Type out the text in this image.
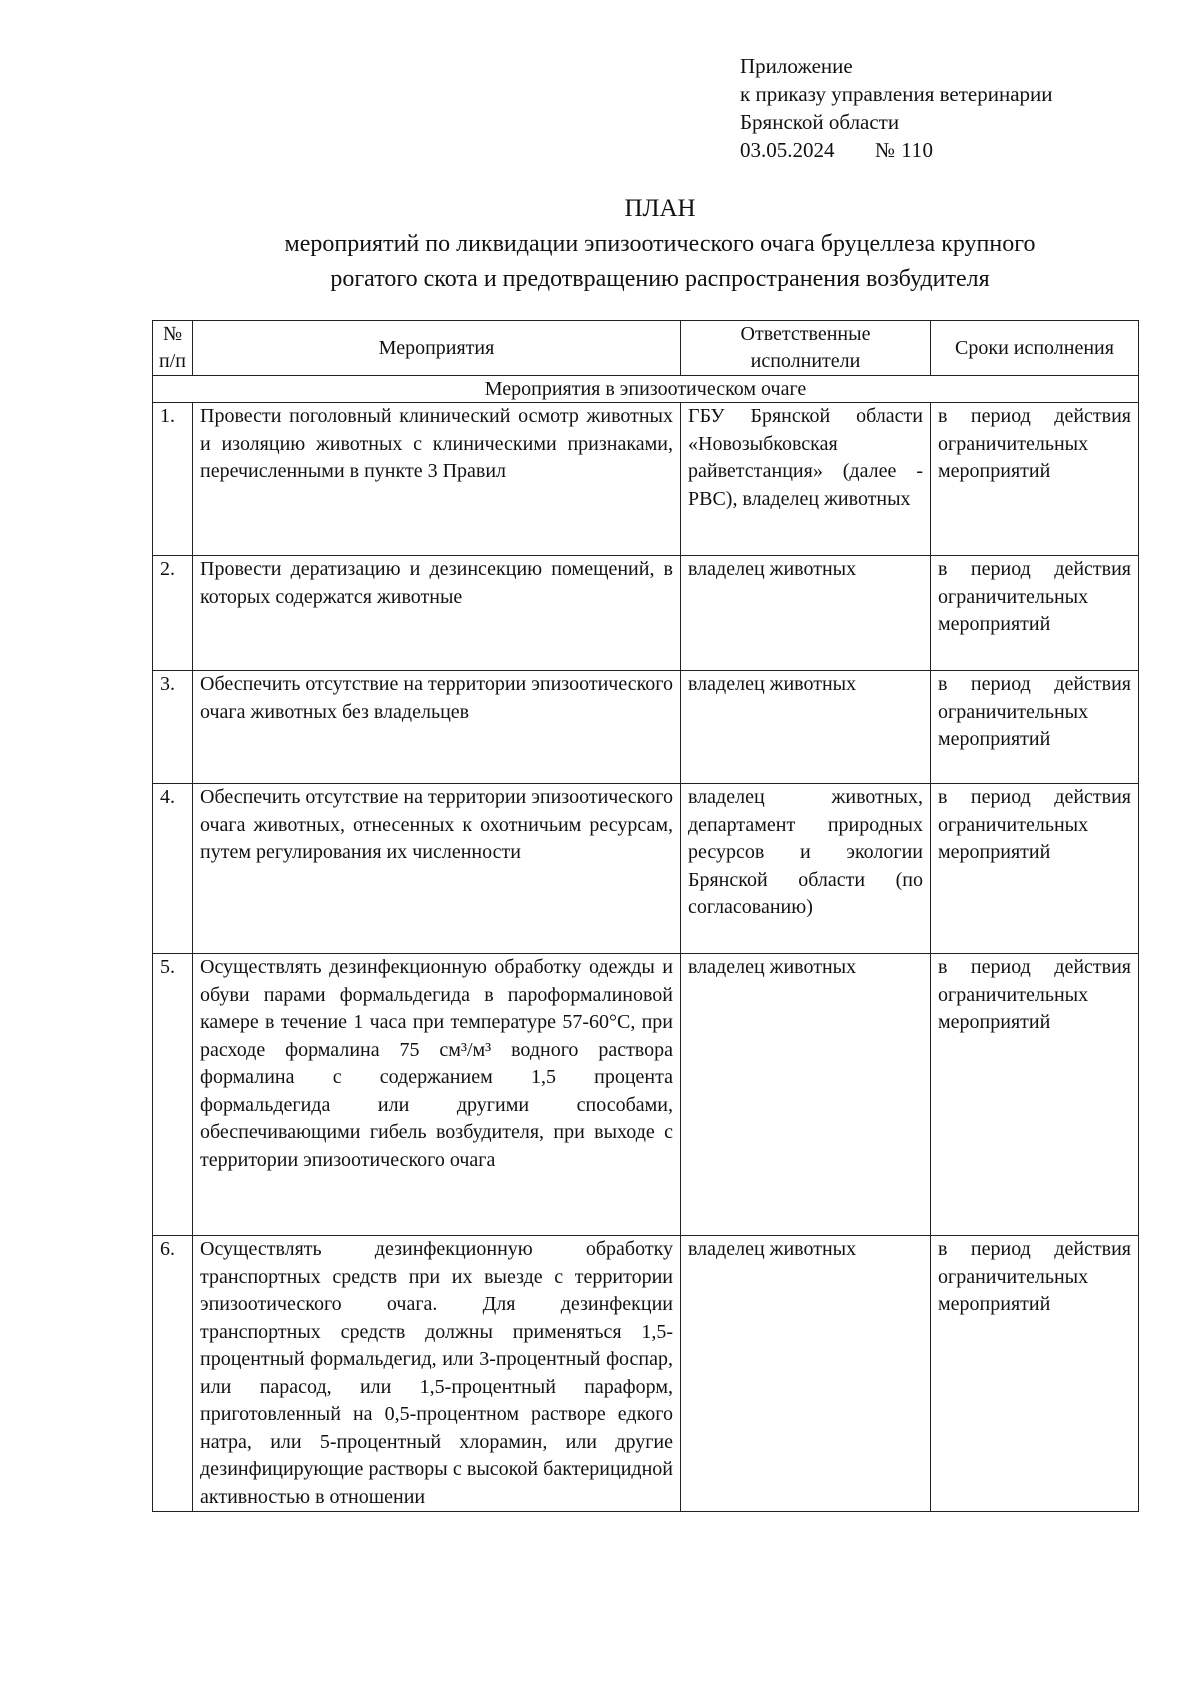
Приложение
к приказу управления ветеринарии
Брянской области
03.05.2024 № 110
ПЛАН
мероприятий по ликвидации эпизоотического очага бруцеллеза крупного
рогатого скота и предотвращению распространения возбудителя
№ п/п	Мероприятия	Ответственные исполнители	Сроки исполнения
Мероприятия в эпизоотическом очаге			
1.	Провести поголовный клинический осмотр животных и изоляцию животных с клиническими признаками, перечисленными в пункте 3 Правил	ГБУ Брянской области «Новозыбковская райветстанция» (далее - РВС), владелец животных	в период действия ограничительных мероприятий
2.	Провести дератизацию и дезинсекцию помещений, в которых содержатся животные	владелец животных	в период действия ограничительных мероприятий
3.	Обеспечить отсутствие на территории эпизоотического очага животных без владельцев	владелец животных	в период действия ограничительных мероприятий
4.	Обеспечить отсутствие на территории эпизоотического очага животных, отнесенных к охотничьим ресурсам, путем регулирования их численности	владелец животных, департамент природных ресурсов и экологии Брянской области (по согласованию)	в период действия ограничительных мероприятий
5.	Осуществлять дезинфекционную обработку одежды и обуви парами формальдегида в пароформалиновой камере в течение 1 часа при температуре 57-60°С, при расходе формалина 75 см³/м³ водного раствора формалина с содержанием 1,5 процента формальдегида или другими способами, обеспечивающими гибель возбудителя, при выходе с территории эпизоотического очага	владелец животных	в период действия ограничительных мероприятий
6.	Осуществлять дезинфекционную обработку транспортных средств при их выезде с территории эпизоотического очага. Для дезинфекции транспортных средств должны применяться 1,5-процентный формальдегид, или 3-процентный фоспар, или парасод, или 1,5-процентный параформ, приготовленный на 0,5-процентном растворе едкого натра, или 5-процентный хлорамин, или другие дезинфицирующие растворы с высокой бактерицидной активностью в отношении	владелец животных	в период действия ограничительных мероприятий
